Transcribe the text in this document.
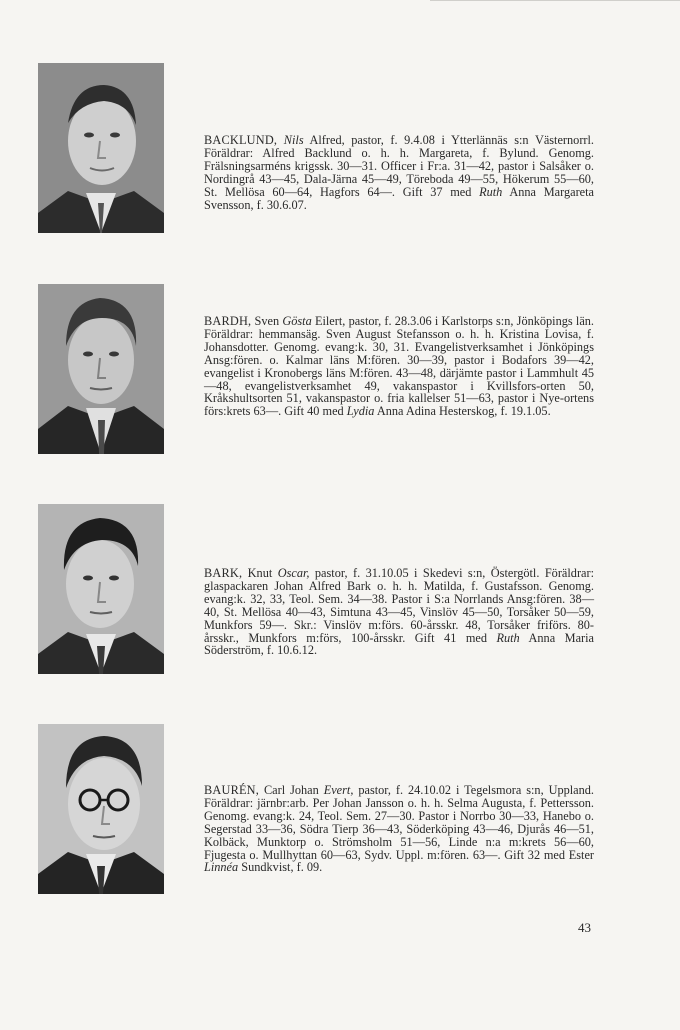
BACKLUND, Nils Alfred, pastor, f. 9.4.08 i Ytterlännäs s:n Västernorrl. Föräldrar: Alfred Backlund o. h. h. Margareta, f. Bylund. Genomg. Frälsningsarméns krigssk. 30—31. Officer i Fr:a. 31—42, pastor i Salsåker o. Nordingrå 43—45, Dala-Järna 45—49, Töreboda 49—55, Hökerum 55—60, St. Mellösa 60—64, Hagfors 64—. Gift 37 med Ruth Anna Margareta Svensson, f. 30.6.07.

BARDH, Sven Gösta Eilert, pastor, f. 28.3.06 i Karlstorps s:n, Jönköpings län. Föräldrar: hemmansäg. Sven August Stefansson o. h. h. Kristina Lovisa, f. Johansdotter. Genomg. evang:k. 30, 31. Evangelistverksamhet i Jönköpings Ansg:fören. o. Kalmar läns M:fören. 30—39, pastor i Bodafors 39—42, evangelist i Kronobergs läns M:fören. 43—48, därjämte pastor i Lammhult 45—48, evangelistverksamhet 49, vakanspastor i Kvillsfors-orten 50, Kråkshultsorten 51, vakanspastor o. fria kallelser 51—63, pastor i Nye-ortens förs:krets 63—. Gift 40 med Lydia Anna Adina Hesterskog, f. 19.1.05.

BARK, Knut Oscar, pastor, f. 31.10.05 i Skedevi s:n, Östergötl. Föräldrar: glaspackaren Johan Alfred Bark o. h. h. Matilda, f. Gustafsson. Genomg. evang:k. 32, 33, Teol. Sem. 34—38. Pastor i S:a Norrlands Ansg:fören. 38—40, St. Mellösa 40—43, Simtuna 43—45, Vinslöv 45—50, Torsåker 50—59, Munkfors 59—. Skr.: Vinslöv m:förs. 60-årsskr. 48, Torsåker friförs. 80-årsskr., Munkfors m:förs, 100-årsskr. Gift 41 med Ruth Anna Maria Söderström, f. 10.6.12.

BAURÉN, Carl Johan Evert, pastor, f. 24.10.02 i Tegelsmora s:n, Uppland. Föräldrar: järnbr:arb. Per Johan Jansson o. h. h. Selma Augusta, f. Pettersson. Genomg. evang:k. 24, Teol. Sem. 27—30. Pastor i Norrbo 30—33, Hanebo o. Segerstad 33—36, Södra Tierp 36—43, Söderköping 43—46, Djurås 46—51, Kolbäck, Munktorp o. Strömsholm 51—56, Linde n:a m:krets 56—60, Fjugesta o. Mullhyttan 60—63, Sydv. Uppl. m:fören. 63—. Gift 32 med Ester Linnéa Sundkvist, f. 09.

43
